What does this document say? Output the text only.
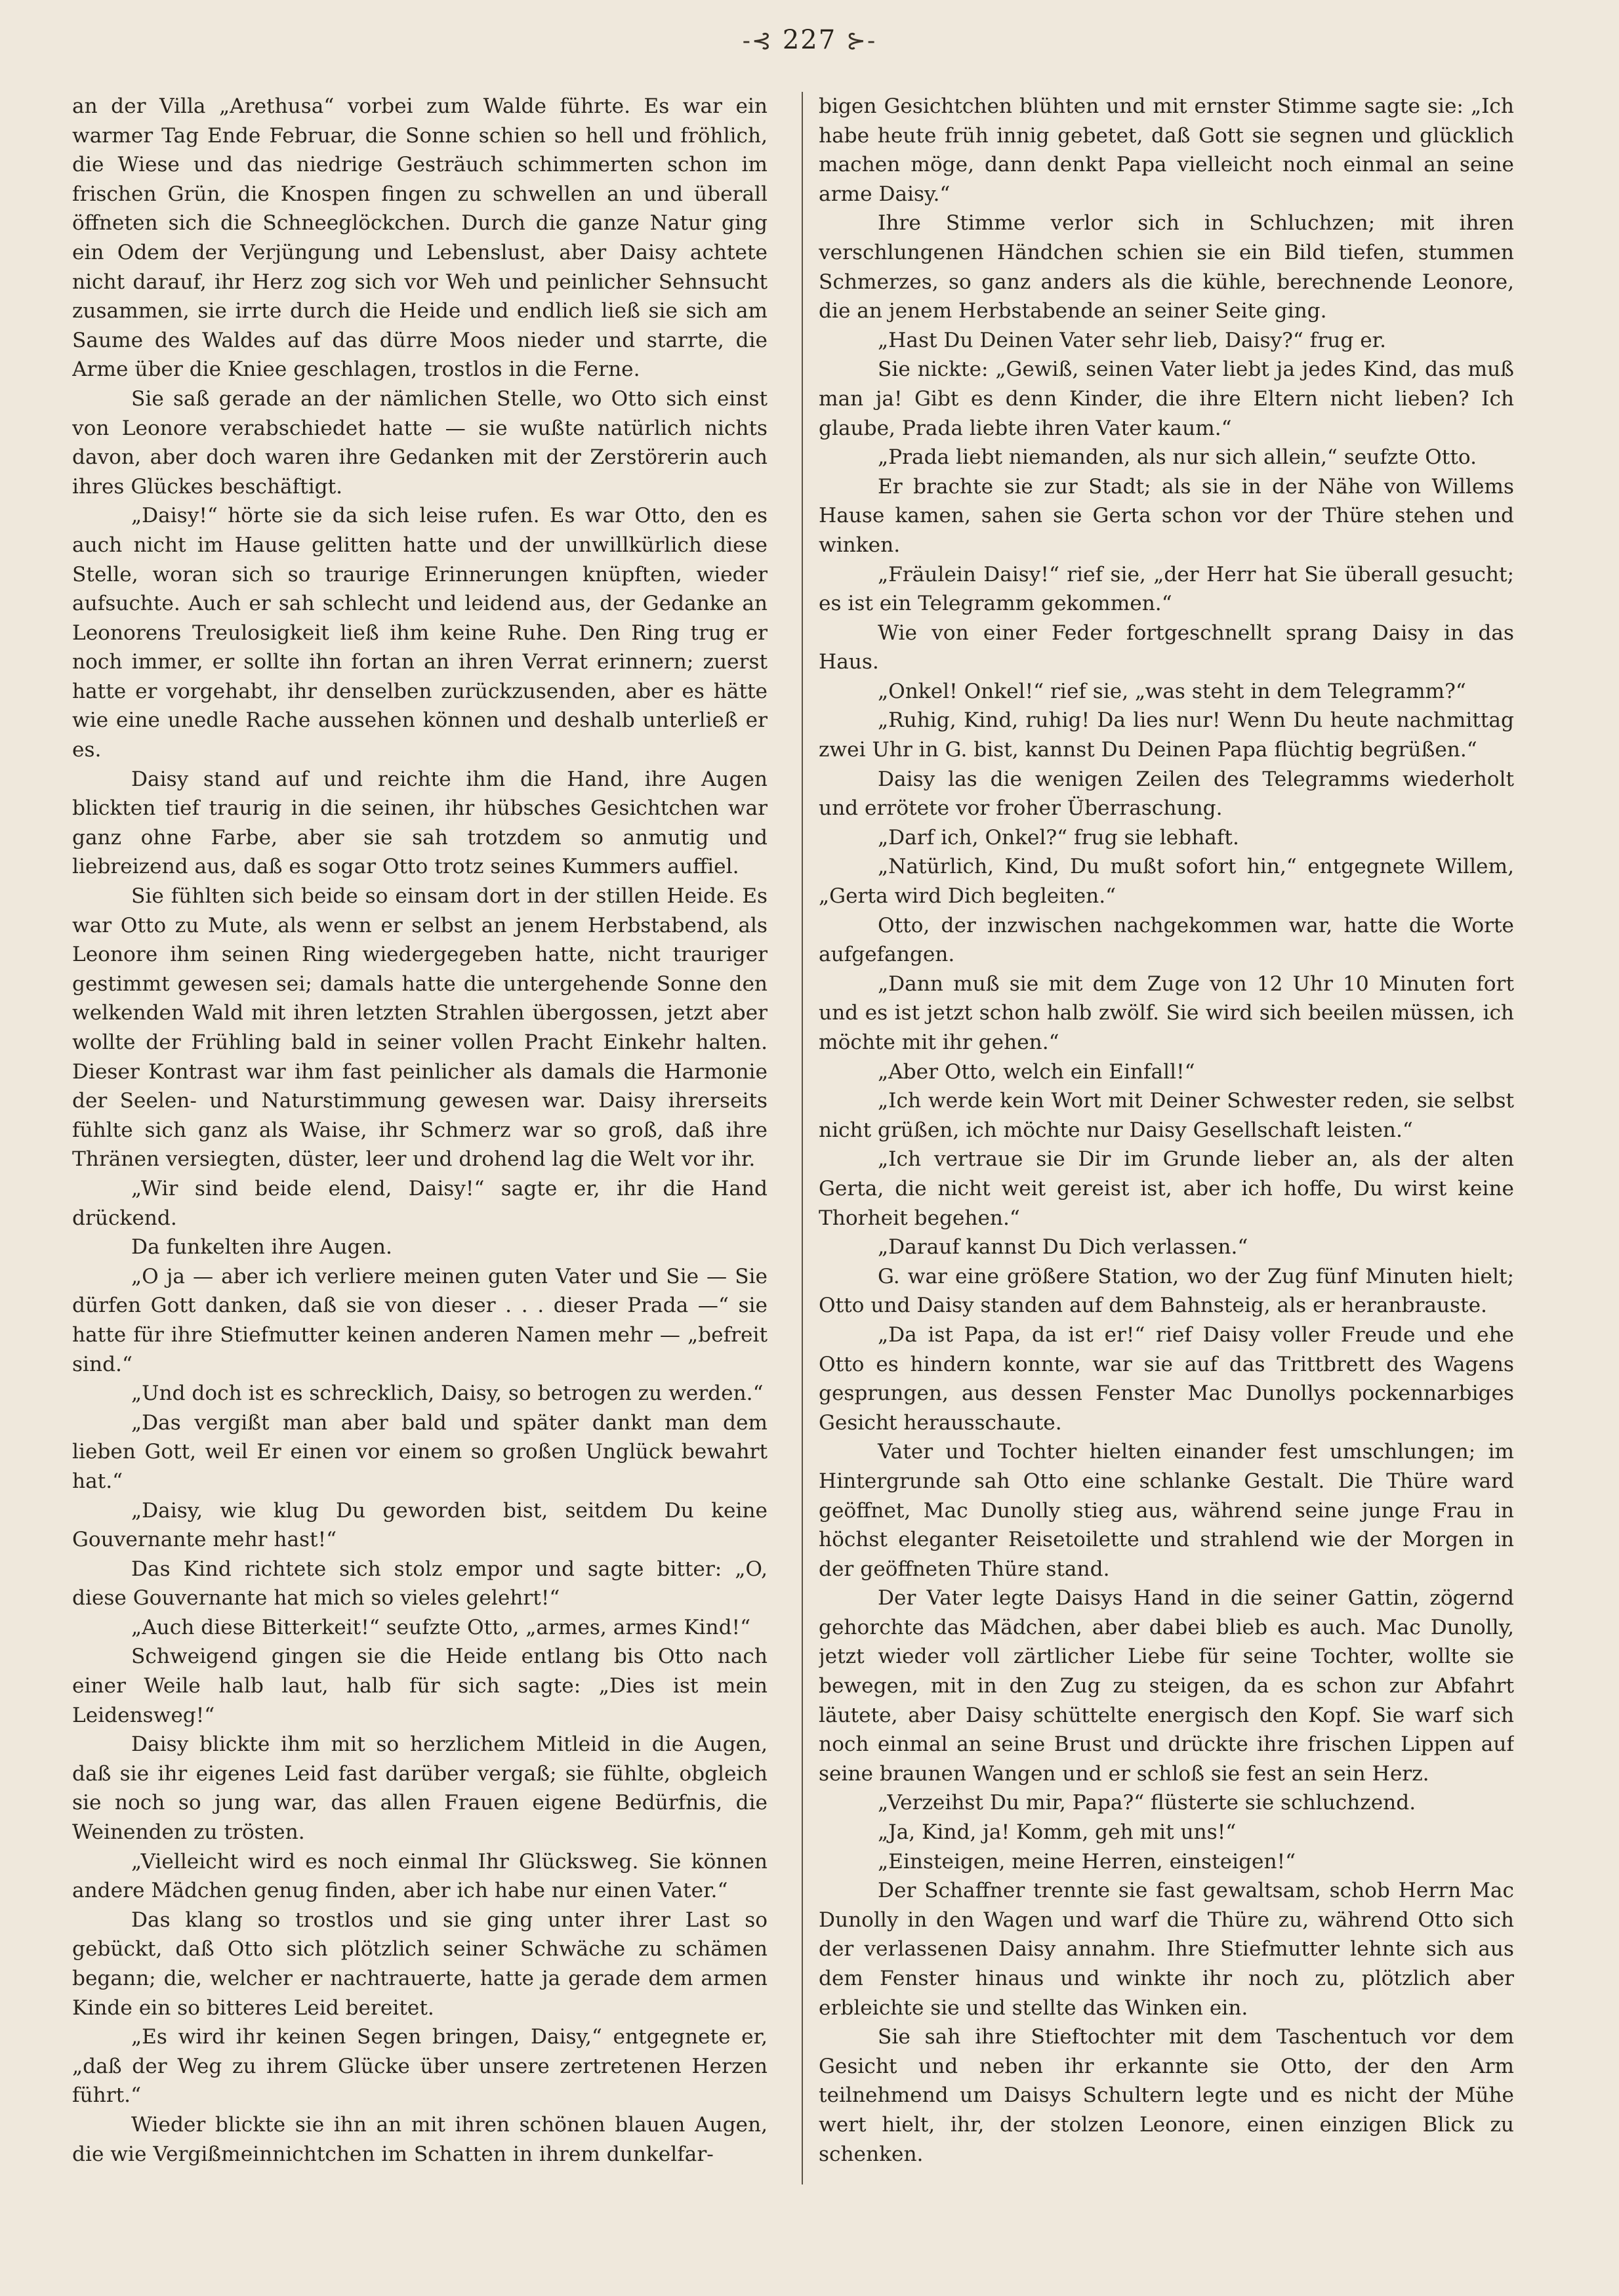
-⊰ 227 ⊱-

an der Villa „Arethusa“ vorbei zum Walde führte. Es war ein warmer Tag Ende Februar, die Sonne schien so hell und fröhlich, die Wiese und das niedrige Gesträuch schimmerten schon im frischen Grün, die Knospen fingen zu schwellen an und überall öffneten sich die Schneeglöckchen. Durch die ganze Natur ging ein Odem der Verjüngung und Lebenslust, aber Daisy achtete nicht darauf, ihr Herz zog sich vor Weh und peinlicher Sehnsucht zusammen, sie irrte durch die Heide und endlich ließ sie sich am Saume des Waldes auf das dürre Moos nieder und starrte, die Arme über die Kniee geschlagen, trostlos in die Ferne.

Sie saß gerade an der nämlichen Stelle, wo Otto sich einst von Leonore verabschiedet hatte — sie wußte natürlich nichts davon, aber doch waren ihre Gedanken mit der Zerstörerin auch ihres Glückes beschäftigt.

„Daisy!“ hörte sie da sich leise rufen. Es war Otto, den es auch nicht im Hause gelitten hatte und der unwillkürlich diese Stelle, woran sich so traurige Erinnerungen knüpften, wieder aufsuchte. Auch er sah schlecht und leidend aus, der Gedanke an Leonorens Treulosigkeit ließ ihm keine Ruhe. Den Ring trug er noch immer, er sollte ihn fortan an ihren Verrat erinnern; zuerst hatte er vorgehabt, ihr denselben zurückzusenden, aber es hätte wie eine unedle Rache aussehen können und deshalb unterließ er es.

Daisy stand auf und reichte ihm die Hand, ihre Augen blickten tief traurig in die seinen, ihr hübsches Gesichtchen war ganz ohne Farbe, aber sie sah trotzdem so anmutig und liebreizend aus, daß es sogar Otto trotz seines Kummers auffiel.

Sie fühlten sich beide so einsam dort in der stillen Heide. Es war Otto zu Mute, als wenn er selbst an jenem Herbstabend, als Leonore ihm seinen Ring wiedergegeben hatte, nicht trauriger gestimmt gewesen sei; damals hatte die untergehende Sonne den welkenden Wald mit ihren letzten Strahlen übergossen, jetzt aber wollte der Frühling bald in seiner vollen Pracht Einkehr halten. Dieser Kontrast war ihm fast peinlicher als damals die Harmonie der Seelen- und Naturstimmung gewesen war. Daisy ihrerseits fühlte sich ganz als Waise, ihr Schmerz war so groß, daß ihre Thränen versiegten, düster, leer und drohend lag die Welt vor ihr.

„Wir sind beide elend, Daisy!“ sagte er, ihr die Hand drückend.

Da funkelten ihre Augen.

„O ja — aber ich verliere meinen guten Vater und Sie — Sie dürfen Gott danken, daß sie von dieser . . . dieser Prada —“ sie hatte für ihre Stiefmutter keinen anderen Namen mehr — „befreit sind.“

„Und doch ist es schrecklich, Daisy, so betrogen zu werden.“

„Das vergißt man aber bald und später dankt man dem lieben Gott, weil Er einen vor einem so großen Unglück bewahrt hat.“

„Daisy, wie klug Du geworden bist, seitdem Du keine Gouvernante mehr hast!“

Das Kind richtete sich stolz empor und sagte bitter: „O, diese Gouvernante hat mich so vieles gelehrt!“

„Auch diese Bitterkeit!“ seufzte Otto, „armes, armes Kind!“

Schweigend gingen sie die Heide entlang bis Otto nach einer Weile halb laut, halb für sich sagte: „Dies ist mein Leidensweg!“

Daisy blickte ihm mit so herzlichem Mitleid in die Augen, daß sie ihr eigenes Leid fast darüber vergaß; sie fühlte, obgleich sie noch so jung war, das allen Frauen eigene Bedürfnis, die Weinenden zu trösten.

„Vielleicht wird es noch einmal Ihr Glücksweg. Sie können andere Mädchen genug finden, aber ich habe nur einen Vater.“

Das klang so trostlos und sie ging unter ihrer Last so gebückt, daß Otto sich plötzlich seiner Schwäche zu schämen begann; die, welcher er nachtrauerte, hatte ja gerade dem armen Kinde ein so bitteres Leid bereitet.

„Es wird ihr keinen Segen bringen, Daisy,“ entgegnete er, „daß der Weg zu ihrem Glücke über unsere zertretenen Herzen führt.“

Wieder blickte sie ihn an mit ihren schönen blauen Augen, die wie Vergißmeinnichtchen im Schatten in ihrem dunkelfar-

bigen Gesichtchen blühten und mit ernster Stimme sagte sie: „Ich habe heute früh innig gebetet, daß Gott sie segnen und glücklich machen möge, dann denkt Papa vielleicht noch einmal an seine arme Daisy.“

Ihre Stimme verlor sich in Schluchzen; mit ihren verschlungenen Händchen schien sie ein Bild tiefen, stummen Schmerzes, so ganz anders als die kühle, berechnende Leonore, die an jenem Herbstabende an seiner Seite ging.

„Hast Du Deinen Vater sehr lieb, Daisy?“ frug er.

Sie nickte: „Gewiß, seinen Vater liebt ja jedes Kind, das muß man ja! Gibt es denn Kinder, die ihre Eltern nicht lieben? Ich glaube, Prada liebte ihren Vater kaum.“

„Prada liebt niemanden, als nur sich allein,“ seufzte Otto.

Er brachte sie zur Stadt; als sie in der Nähe von Willems Hause kamen, sahen sie Gerta schon vor der Thüre stehen und winken.

„Fräulein Daisy!“ rief sie, „der Herr hat Sie überall gesucht; es ist ein Telegramm gekommen.“

Wie von einer Feder fortgeschnellt sprang Daisy in das Haus.

„Onkel! Onkel!“ rief sie, „was steht in dem Telegramm?“

„Ruhig, Kind, ruhig! Da lies nur! Wenn Du heute nachmittag zwei Uhr in G. bist, kannst Du Deinen Papa flüchtig begrüßen.“

Daisy las die wenigen Zeilen des Telegramms wiederholt und errötete vor froher Überraschung.

„Darf ich, Onkel?“ frug sie lebhaft.

„Natürlich, Kind, Du mußt sofort hin,“ entgegnete Willem, „Gerta wird Dich begleiten.“

Otto, der inzwischen nachgekommen war, hatte die Worte aufgefangen.

„Dann muß sie mit dem Zuge von 12 Uhr 10 Minuten fort und es ist jetzt schon halb zwölf. Sie wird sich beeilen müssen, ich möchte mit ihr gehen.“

„Aber Otto, welch ein Einfall!“

„Ich werde kein Wort mit Deiner Schwester reden, sie selbst nicht grüßen, ich möchte nur Daisy Gesellschaft leisten.“

„Ich vertraue sie Dir im Grunde lieber an, als der alten Gerta, die nicht weit gereist ist, aber ich hoffe, Du wirst keine Thorheit begehen.“

„Darauf kannst Du Dich verlassen.“

G. war eine größere Station, wo der Zug fünf Minuten hielt; Otto und Daisy standen auf dem Bahnsteig, als er heranbrauste.

„Da ist Papa, da ist er!“ rief Daisy voller Freude und ehe Otto es hindern konnte, war sie auf das Trittbrett des Wagens gesprungen, aus dessen Fenster Mac Dunollys pockennarbiges Gesicht herausschaute.

Vater und Tochter hielten einander fest umschlungen; im Hintergrunde sah Otto eine schlanke Gestalt. Die Thüre ward geöffnet, Mac Dunolly stieg aus, während seine junge Frau in höchst eleganter Reisetoilette und strahlend wie der Morgen in der geöffneten Thüre stand.

Der Vater legte Daisys Hand in die seiner Gattin, zögernd gehorchte das Mädchen, aber dabei blieb es auch. Mac Dunolly, jetzt wieder voll zärtlicher Liebe für seine Tochter, wollte sie bewegen, mit in den Zug zu steigen, da es schon zur Abfahrt läutete, aber Daisy schüttelte energisch den Kopf. Sie warf sich noch einmal an seine Brust und drückte ihre frischen Lippen auf seine braunen Wangen und er schloß sie fest an sein Herz.

„Verzeihst Du mir, Papa?“ flüsterte sie schluchzend.

„Ja, Kind, ja! Komm, geh mit uns!“

„Einsteigen, meine Herren, einsteigen!“

Der Schaffner trennte sie fast gewaltsam, schob Herrn Mac Dunolly in den Wagen und warf die Thüre zu, während Otto sich der verlassenen Daisy annahm. Ihre Stiefmutter lehnte sich aus dem Fenster hinaus und winkte ihr noch zu, plötzlich aber erbleichte sie und stellte das Winken ein.

Sie sah ihre Stieftochter mit dem Taschentuch vor dem Gesicht und neben ihr erkannte sie Otto, der den Arm teilnehmend um Daisys Schultern legte und es nicht der Mühe wert hielt, ihr, der stolzen Leonore, einen einzigen Blick zu schenken.
